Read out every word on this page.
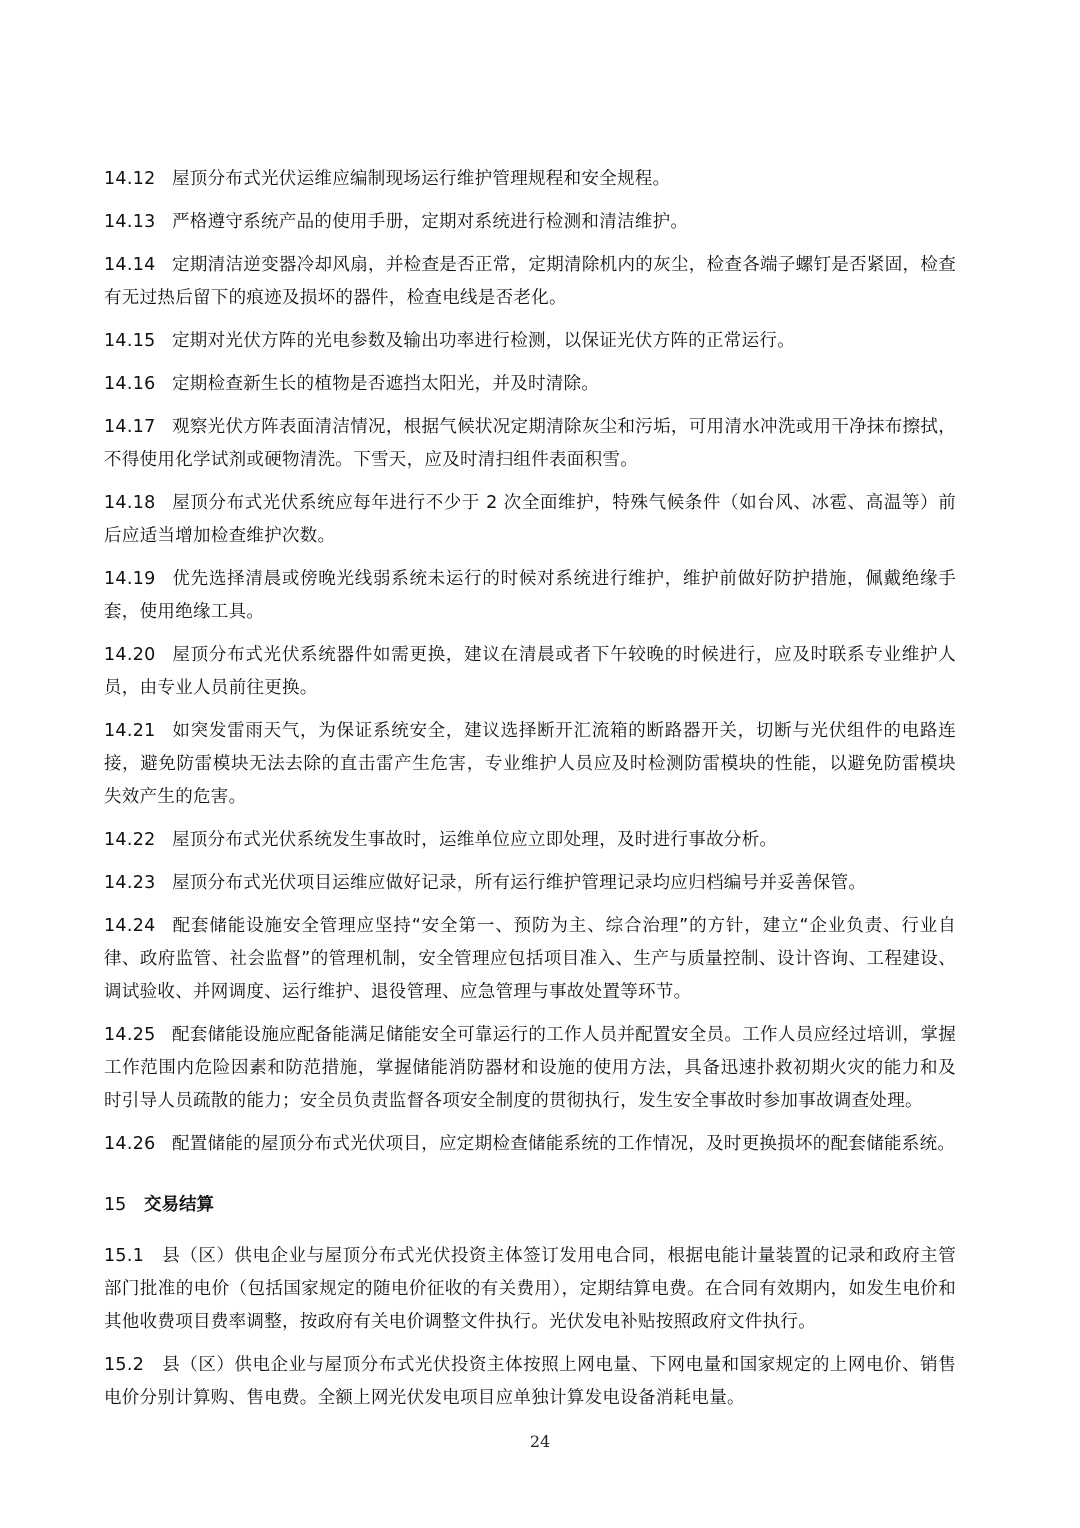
14.12 屋顶分布式光伏运维应编制现场运行维护管理规程和安全规程。

14.13 严格遵守系统产品的使用手册，定期对系统进行检测和清洁维护。

14.14 定期清洁逆变器冷却风扇，并检查是否正常，定期清除机内的灰尘，检查各端子螺钉是否紧固，检查有无过热后留下的痕迹及损坏的器件，检查电线是否老化。

14.15 定期对光伏方阵的光电参数及输出功率进行检测，以保证光伏方阵的正常运行。

14.16 定期检查新生长的植物是否遮挡太阳光，并及时清除。

14.17 观察光伏方阵表面清洁情况，根据气候状况定期清除灰尘和污垢，可用清水冲洗或用干净抹布擦拭，不得使用化学试剂或硬物清洗。下雪天，应及时清扫组件表面积雪。

14.18 屋顶分布式光伏系统应每年进行不少于 2 次全面维护，特殊气候条件（如台风、冰雹、高温等）前后应适当增加检查维护次数。

14.19 优先选择清晨或傍晚光线弱系统未运行的时候对系统进行维护，维护前做好防护措施，佩戴绝缘手套，使用绝缘工具。

14.20 屋顶分布式光伏系统器件如需更换，建议在清晨或者下午较晚的时候进行，应及时联系专业维护人员，由专业人员前往更换。

14.21 如突发雷雨天气，为保证系统安全，建议选择断开汇流箱的断路器开关，切断与光伏组件的电路连接，避免防雷模块无法去除的直击雷产生危害，专业维护人员应及时检测防雷模块的性能，以避免防雷模块失效产生的危害。

14.22 屋顶分布式光伏系统发生事故时，运维单位应立即处理，及时进行事故分析。

14.23 屋顶分布式光伏项目运维应做好记录，所有运行维护管理记录均应归档编号并妥善保管。

14.24 配套储能设施安全管理应坚持“安全第一、预防为主、综合治理”的方针，建立“企业负责、行业自律、政府监管、社会监督”的管理机制，安全管理应包括项目准入、生产与质量控制、设计咨询、工程建设、调试验收、并网调度、运行维护、退役管理、应急管理与事故处置等环节。

14.25 配套储能设施应配备能满足储能安全可靠运行的工作人员并配置安全员。工作人员应经过培训，掌握工作范围内危险因素和防范措施，掌握储能消防器材和设施的使用方法，具备迅速扑救初期火灾的能力和及时引导人员疏散的能力；安全员负责监督各项安全制度的贯彻执行，发生安全事故时参加事故调查处理。

14.26 配置储能的屋顶分布式光伏项目，应定期检查储能系统的工作情况，及时更换损坏的配套储能系统。

15 交易结算

15.1 县（区）供电企业与屋顶分布式光伏投资主体签订发用电合同，根据电能计量装置的记录和政府主管部门批准的电价（包括国家规定的随电价征收的有关费用），定期结算电费。在合同有效期内，如发生电价和其他收费项目费率调整，按政府有关电价调整文件执行。光伏发电补贴按照政府文件执行。

15.2 县（区）供电企业与屋顶分布式光伏投资主体按照上网电量、下网电量和国家规定的上网电价、销售电价分别计算购、售电费。全额上网光伏发电项目应单独计算发电设备消耗电量。

24
